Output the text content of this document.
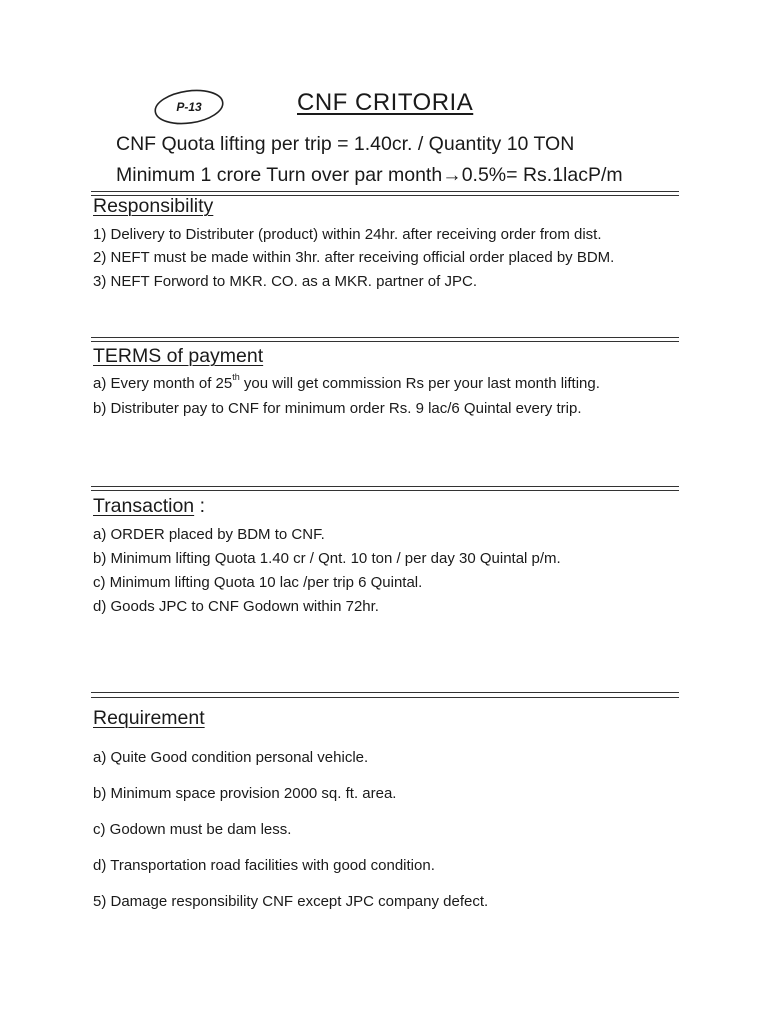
P-13	CNF CRITORIA
CNF Quota lifting per trip = 1.40cr. / Quantity 10 TON
Minimum 1 crore Turn over par month→0.5%= Rs.1lacP/m
Responsibility
1) Delivery to Distributer (product) within 24hr. after receiving order from dist.
2) NEFT must be made within 3hr. after receiving official order placed by BDM.
3) NEFT Forword to MKR. CO. as a MKR. partner of JPC.
TERMS of payment
a) Every month of 25th you will get commission Rs per your last month lifting.
b) Distributer pay to CNF for minimum order Rs. 9 lac/6 Quintal every trip.
Transaction :
a) ORDER placed by BDM to CNF.
b) Minimum lifting Quota 1.40 cr / Qnt. 10 ton / per day 30 Quintal p/m.
c) Minimum lifting Quota 10 lac /per trip 6 Quintal.
d) Goods JPC to CNF Godown within 72hr.
Requirement
a) Quite Good condition personal vehicle.
b) Minimum space provision 2000 sq. ft. area.
c) Godown must be dam less.
d) Transportation road facilities with good condition.
5) Damage responsibility CNF except JPC company defect.
